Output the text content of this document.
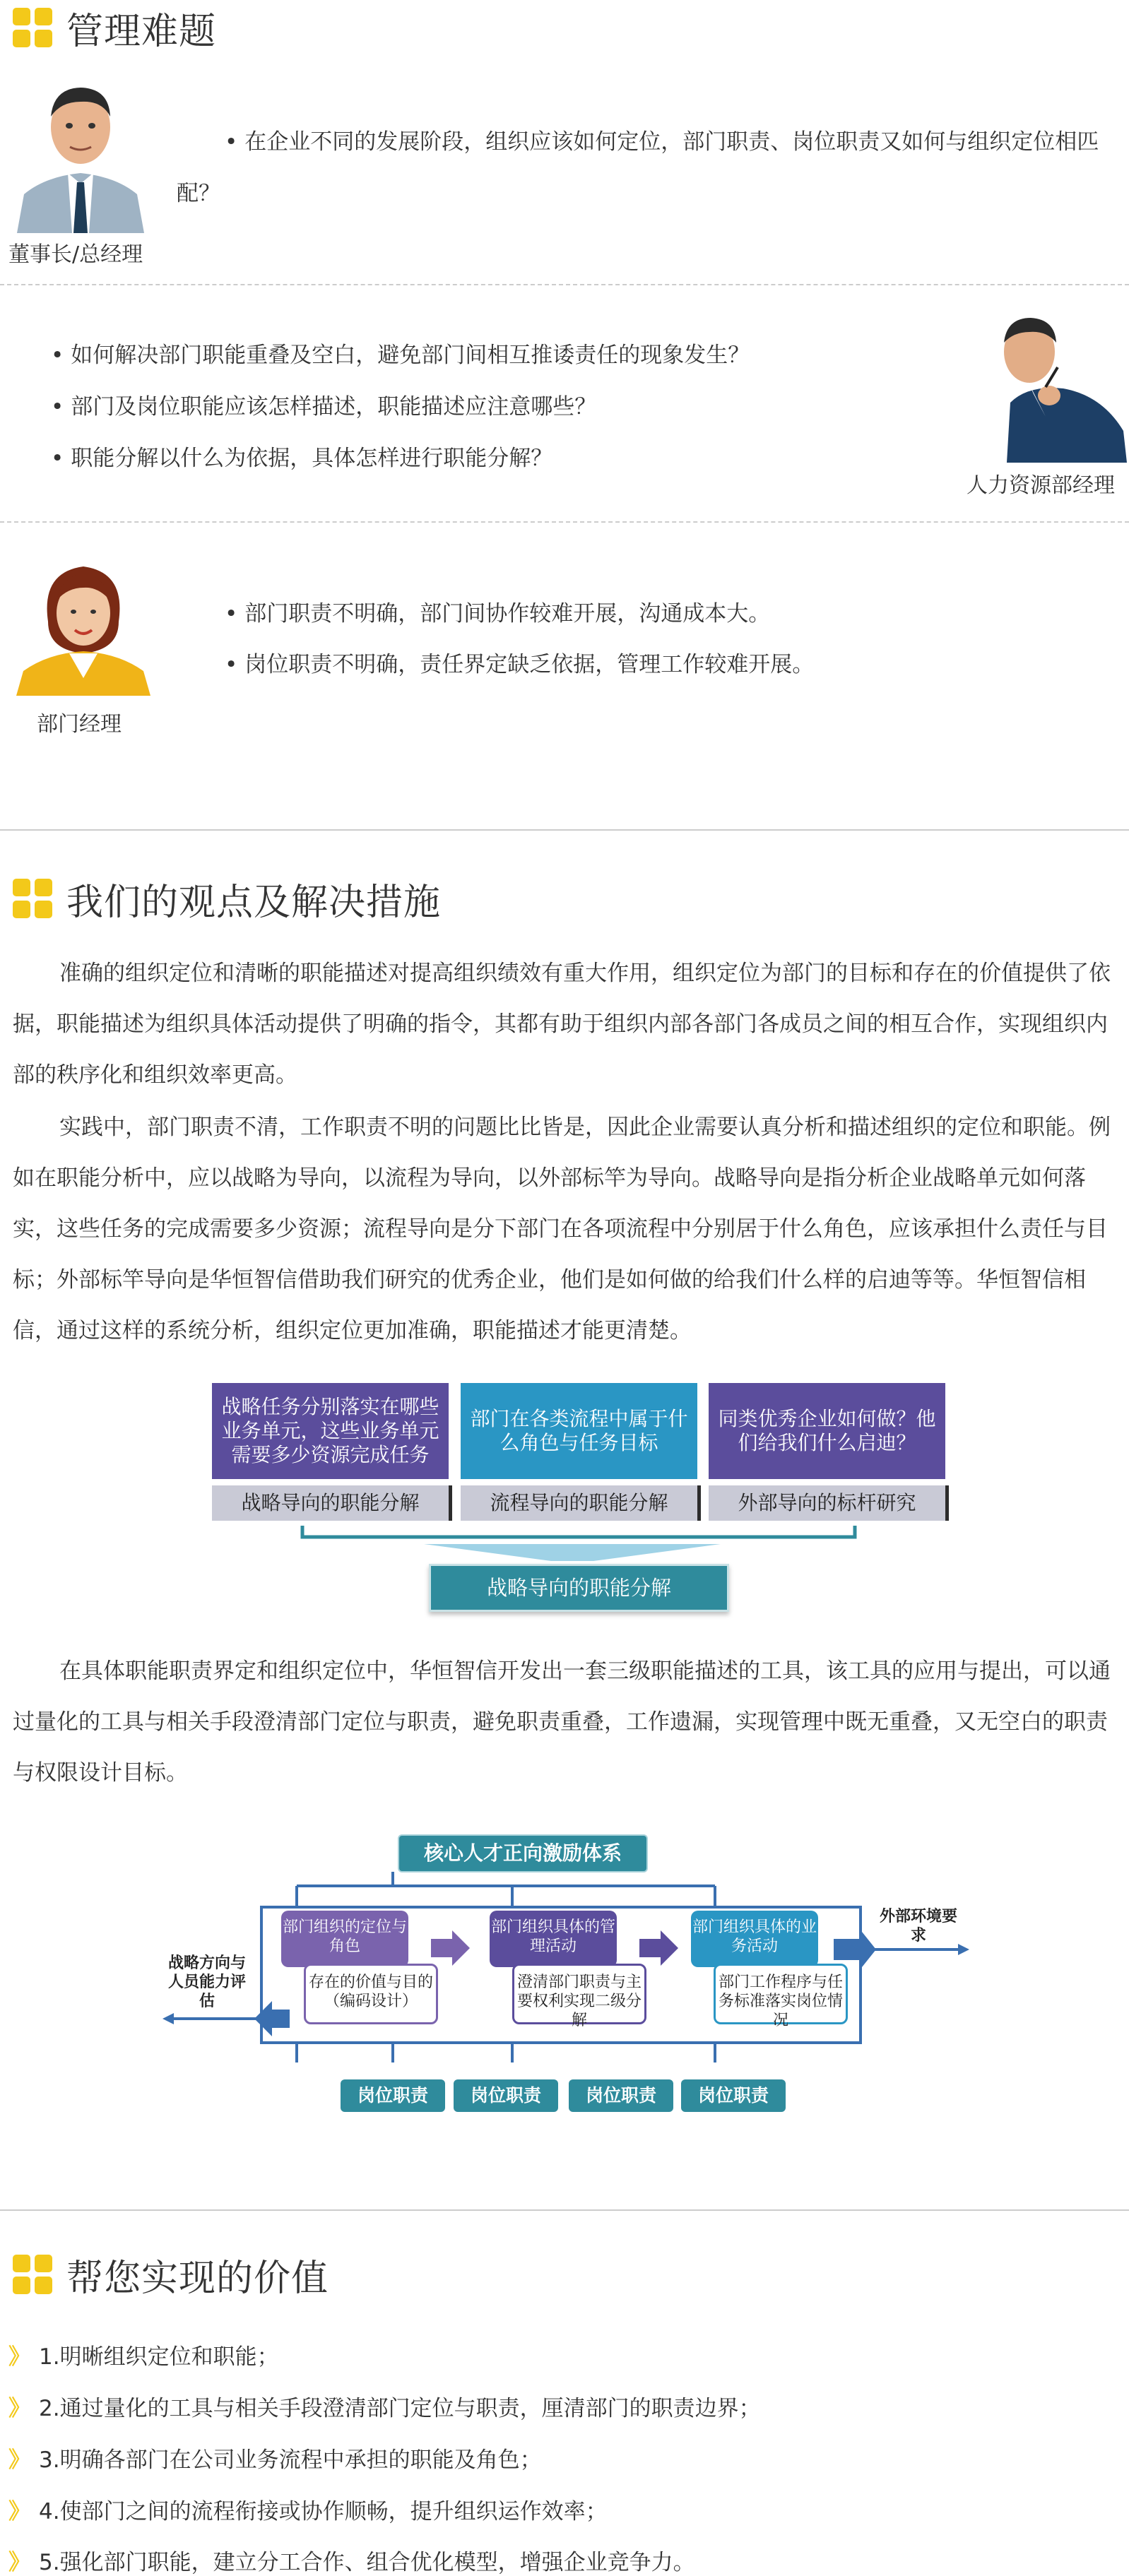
管理难题
董事长/总经理
• 在企业不同的发展阶段，组织应该如何定位，部门职责、岗位职责又如何与组织定位相匹
配？
• 如何解决部门职能重叠及空白，避免部门间相互推诿责任的现象发生？
• 部门及岗位职能应该怎样描述，职能描述应注意哪些？
• 职能分解以什么为依据，具体怎样进行职能分解？
人力资源部经理
部门经理
• 部门职责不明确，部门间协作较难开展，沟通成本大。
• 岗位职责不明确，责任界定缺乏依据，管理工作较难开展。
我们的观点及解决措施

准确的组织定位和清晰的职能描述对提高组织绩效有重大作用，组织定位为部门的目标和存在的价值提供了依据，职能描述为组织具体活动提供了明确的指令，其都有助于组织内部各部门各成员之间的相互合作，实现组织内部的秩序化和组织效率更高。

实践中，部门职责不清，工作职责不明的问题比比皆是，因此企业需要认真分析和描述组织的定位和职能。例如在职能分析中，应以战略为导向，以流程为导向，以外部标竿为导向。战略导向是指分析企业战略单元如何落实，这些任务的完成需要多少资源；流程导向是分下部门在各项流程中分别居于什么角色，应该承担什么责任与目标；外部标竿导向是华恒智信借助我们研究的优秀企业，他们是如何做的给我们什么样的启迪等等。华恒智信相信，通过这样的系统分析，组织定位更加准确，职能描述才能更清楚。

战略任务分别落实在哪些业务单元，这些业务单元需要多少资源完成任务
部门在各类流程中属于什么角色与任务目标
同类优秀企业如何做？他们给我们什么启迪？
战略导向的职能分解	流程导向的职能分解	外部导向的标杆研究
战略导向的职能分解

在具体职能职责界定和组织定位中，华恒智信开发出一套三级职能描述的工具，该工具的应用与提出，可以通过量化的工具与相关手段澄清部门定位与职责，避免职责重叠，工作遗漏，实现管理中既无重叠，又无空白的职责与权限设计目标。

核心人才正向激励体系
战略方向与人员能力评估
外部环境要求
部门组织的定位与角色
存在的价值与目的（编码设计）
部门组织具体的管理活动
澄清部门职责与主要权利实现二级分解
部门组织具体的业务活动
部门工作程序与任务标准落实岗位情况
岗位职责	岗位职责	岗位职责	岗位职责
帮您实现的价值
》 1.明晰组织定位和职能；
》 2.通过量化的工具与相关手段澄清部门定位与职责，厘清部门的职责边界；
》 3.明确各部门在公司业务流程中承担的职能及角色；
》 4.使部门之间的流程衔接或协作顺畅，提升组织运作效率；
》 5.强化部门职能，建立分工合作、组合优化模型，增强企业竞争力。
